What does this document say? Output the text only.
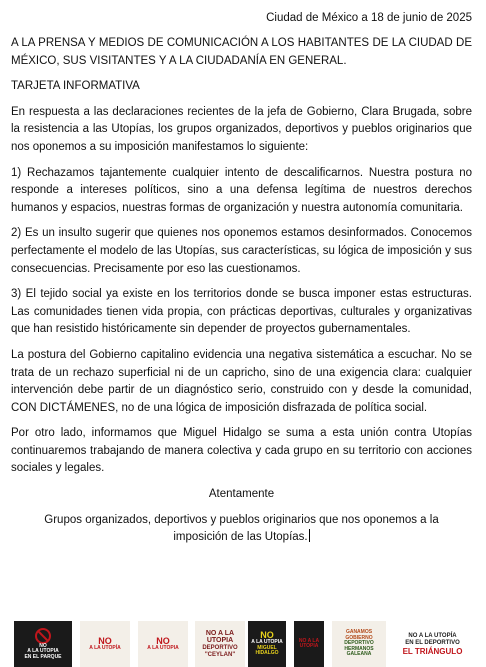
Ciudad de México a 18 de junio de 2025

A LA PRENSA Y MEDIOS DE COMUNICACIÓN A LOS HABITANTES DE LA CIUDAD DE MÉXICO, SUS VISITANTES Y A LA CIUDADANÍA EN GENERAL.

TARJETA INFORMATIVA

En respuesta a las declaraciones recientes de la jefa de Gobierno, Clara Brugada, sobre la resistencia a las Utopías, los grupos organizados, deportivos y pueblos originarios que nos oponemos a su imposición manifestamos lo siguiente:

1) Rechazamos tajantemente cualquier intento de descalificarnos. Nuestra postura no responde a intereses políticos, sino a una defensa legítima de nuestros derechos humanos y espacios, nuestras formas de organización y nuestra autonomía comunitaria.

2) Es un insulto sugerir que quienes nos oponemos estamos desinformados. Conocemos perfectamente el modelo de las Utopías, sus características, su lógica de imposición y sus consecuencias. Precisamente por eso las cuestionamos.

3) El tejido social ya existe en los territorios donde se busca imponer estas estructuras. Las comunidades tienen vida propia, con prácticas deportivas, culturales y organizativas que han resistido históricamente sin depender de proyectos gubernamentales.

La postura del Gobierno capitalino evidencia una negativa sistemática a escuchar. No se trata de un rechazo superficial ni de un capricho, sino de una exigencia clara: cualquier intervención debe partir de un diagnóstico serio, construido con y desde la comunidad, CON DICTÁMENES, no de una lógica de imposición disfrazada de política social.

Por otro lado, informamos que Miguel Hidalgo se suma a esta unión contra Utopías continuaremos trabajando de manera colectiva y cada grupo en su territorio con acciones sociales y legales.

Atentamente

Grupos organizados, deportivos y pueblos originarios que nos oponemos a la imposición de las Utopías.

NO
A LA UTOPIA
EN EL PARQUE
NO
A LA UTOPÍA
NO
A LA UTOPIA
NO A LA
UTOPIA
DEPORTIVO
"CEYLAN"
NO
A LA UTOPIA
MIGUEL HIDALGO
NO A LA UTOPIA
GANAMOS GOBIERNO
DEPORTIVO
HERMANOS
GALEANA
NO A LA UTOPÍA
EN EL DEPORTIVO
EL TRIÁNGULO
